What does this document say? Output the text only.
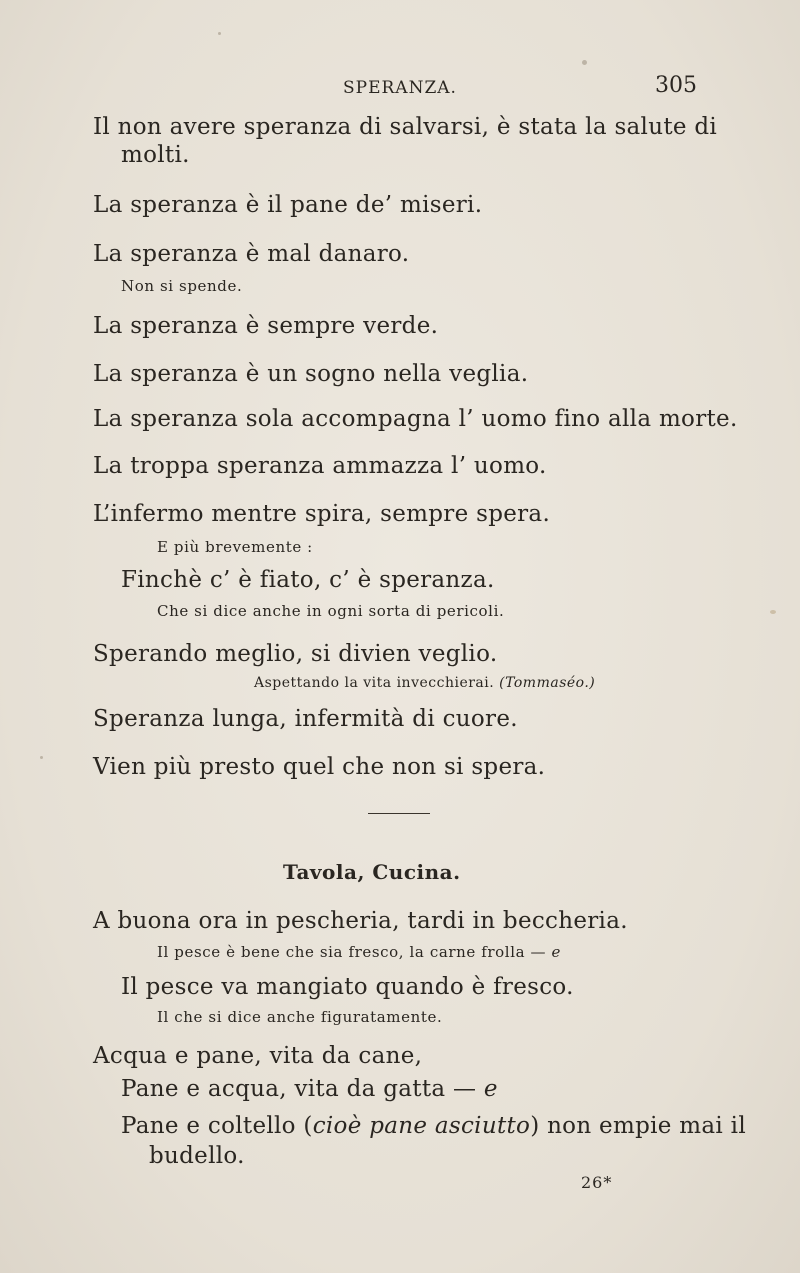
SPERANZA.	305
Il non avere speranza di salvarsi, è stata la salute di
molti.
La speranza è il pane de’ miseri.
La speranza è mal danaro.
Non si spende.
La speranza è sempre verde.
La speranza è un sogno nella veglia.
La speranza sola accompagna l’ uomo fino alla morte.
La troppa speranza ammazza l’ uomo.
L’infermo mentre spira, sempre spera.
E più brevemente :
Finchè c’ è fiato, c’ è speranza.
Che si dice anche in ogni sorta di pericoli.
Sperando meglio, si divien veglio.
Aspettando la vita invecchierai. (Tommaséo.)
Speranza lunga, infermità di cuore.
Vien più presto quel che non si spera.
Tavola, Cucina.
A buona ora in pescheria, tardi in beccheria.
Il pesce è bene che sia fresco, la carne frolla — e
Il pesce va mangiato quando è fresco.
Il che si dice anche figuratamente.
Acqua e pane, vita da cane,
Pane e acqua, vita da gatta — e
Pane e coltello (cioè pane asciutto) non empie mai il
budello.
26*
